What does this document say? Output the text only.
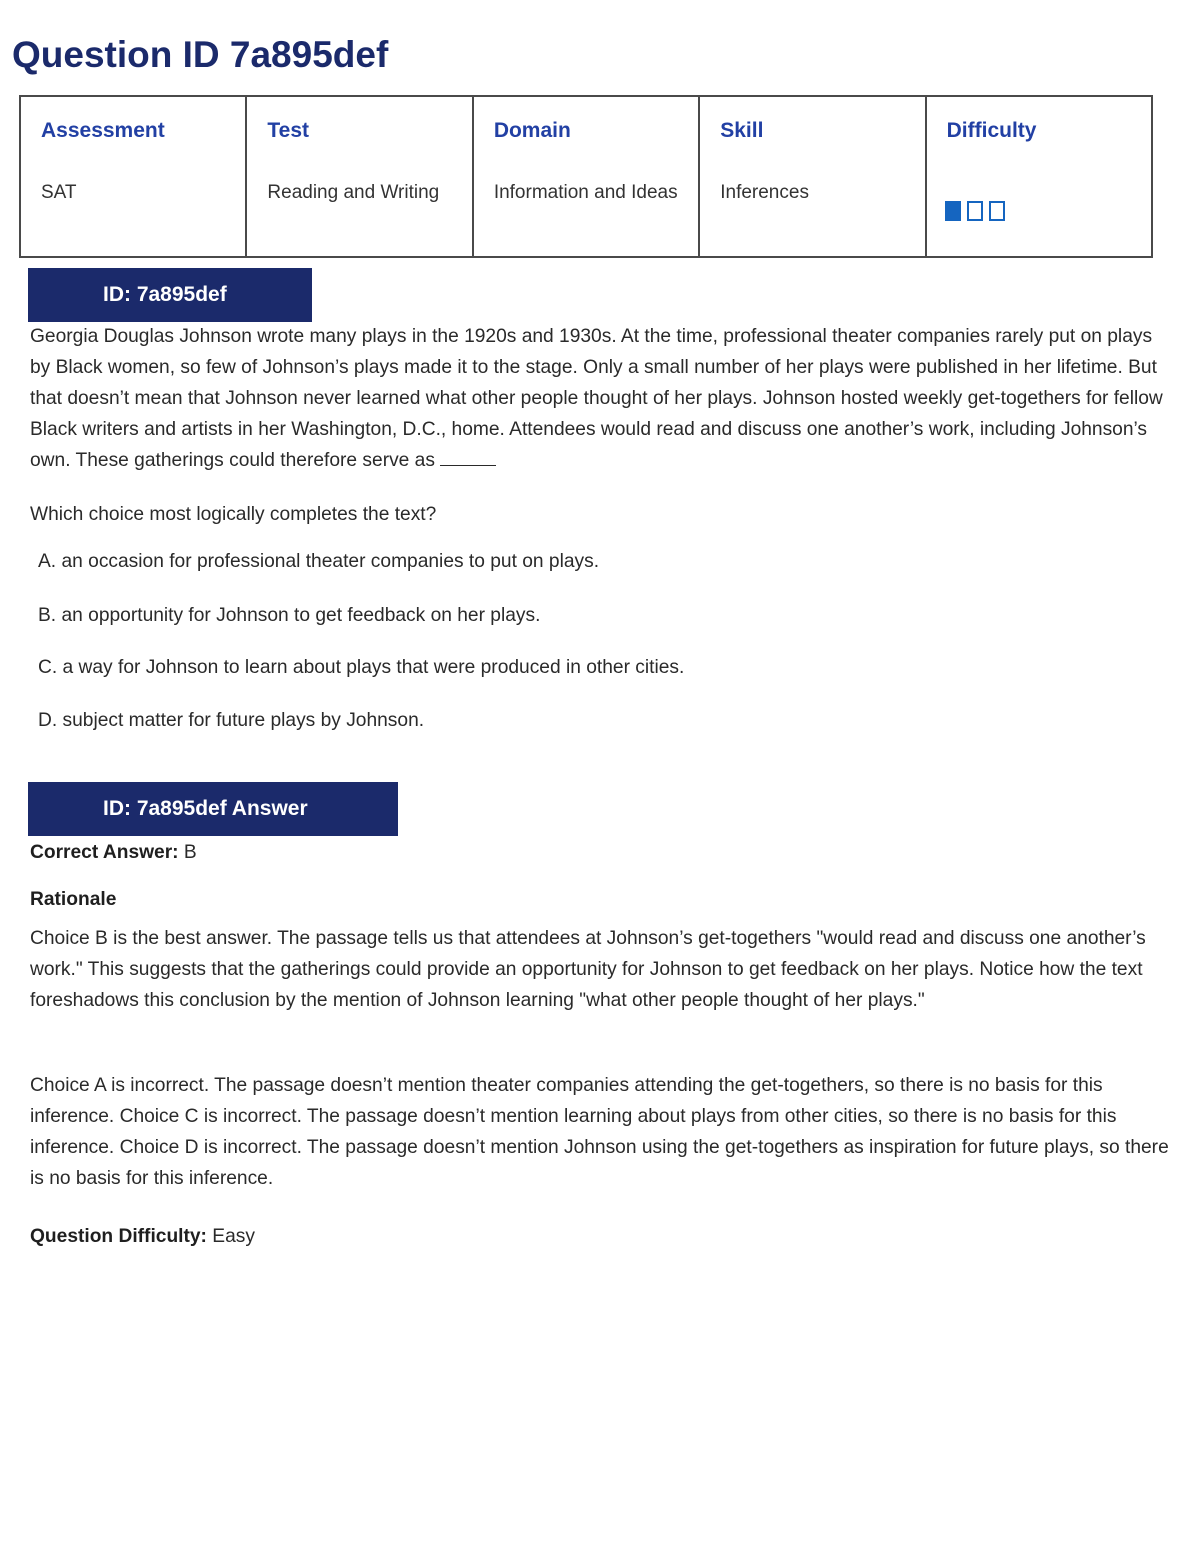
Question ID 7a895def
Assessment
SAT
Test
Reading and Writing
Domain
Information and Ideas
Skill
Inferences
Difficulty
ID: 7a895def

Georgia Douglas Johnson wrote many plays in the 1920s and 1930s. At the time, professional theater companies rarely put on plays by Black women, so few of Johnson’s plays made it to the stage. Only a small number of her plays were published in her lifetime. But that doesn’t mean that Johnson never learned what other people thought of her plays. Johnson hosted weekly get-togethers for fellow Black writers and artists in her Washington, D.C., home. Attendees would read and discuss one another’s work, including Johnson’s own. These gatherings could therefore serve as

Which choice most logically completes the text?

A. an occasion for professional theater companies to put on plays.

B. an opportunity for Johnson to get feedback on her plays.

C. a way for Johnson to learn about plays that were produced in other cities.

D. subject matter for future plays by Johnson.

ID: 7a895def Answer

Correct Answer: B

Rationale

Choice B is the best answer. The passage tells us that attendees at Johnson’s get-togethers "would read and discuss one another’s work." This suggests that the gatherings could provide an opportunity for Johnson to get feedback on her plays. Notice how the text foreshadows this conclusion by the mention of Johnson learning "what other people thought of her plays."

Choice A is incorrect. The passage doesn’t mention theater companies attending the get-togethers, so there is no basis for this inference. Choice C is incorrect. The passage doesn’t mention learning about plays from other cities, so there is no basis for this inference. Choice D is incorrect. The passage doesn’t mention Johnson using the get-togethers as inspiration for future plays, so there is no basis for this inference.

Question Difficulty: Easy
